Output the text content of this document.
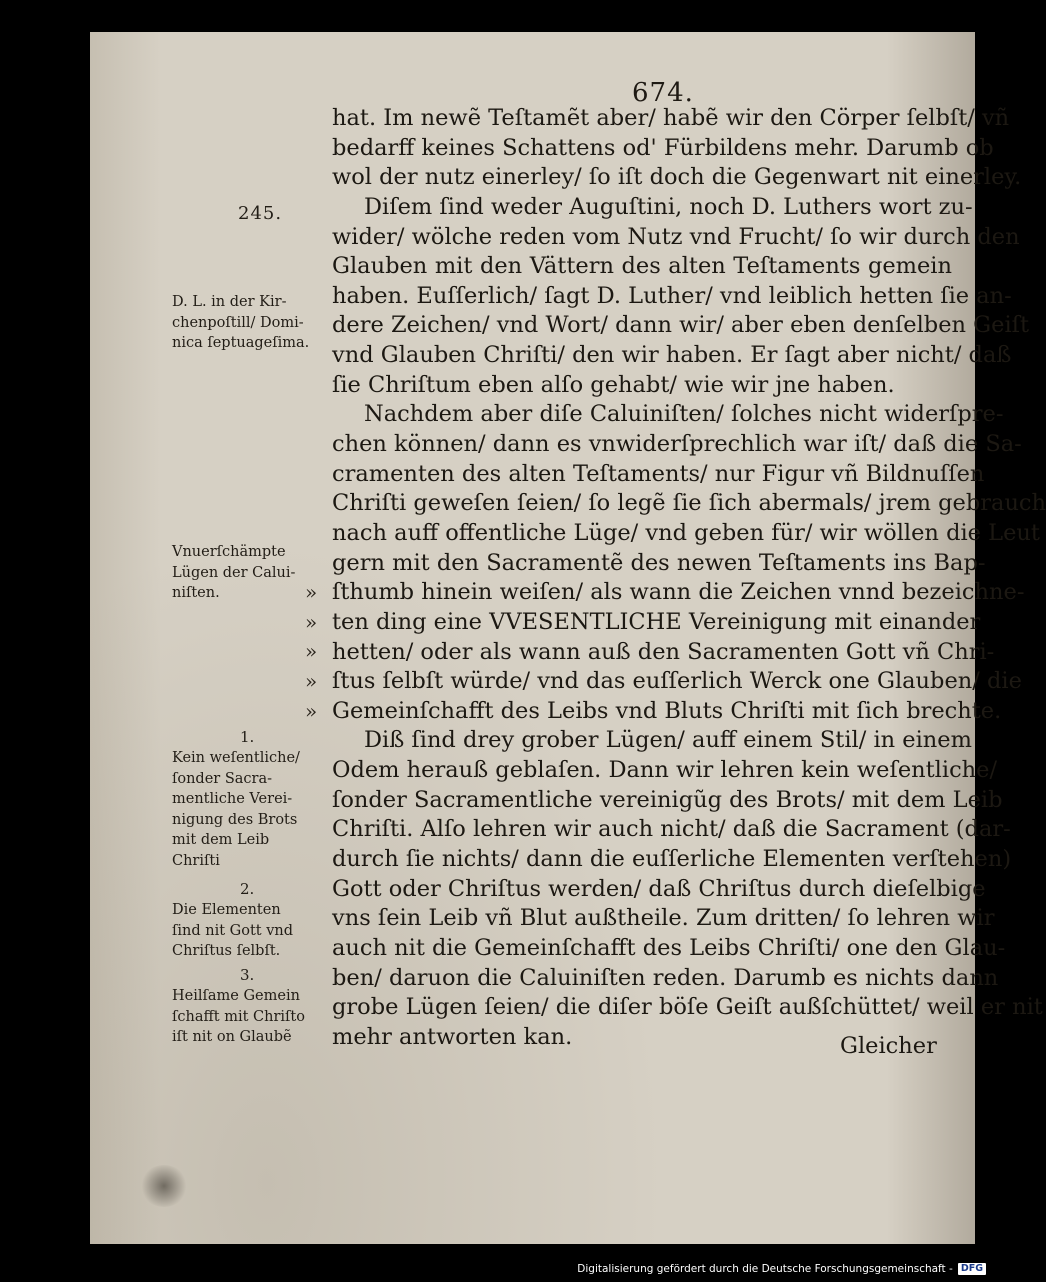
674.
hat. Im newẽ Teſtamẽt aber/ habẽ wir den Cörper ſelbſt/ vñ
bedarff keines Schattens od' Fürbildens mehr. Darumb ob
wol der nutz einerley/ ſo iſt doch die Gegenwart nit einerley.
Diſem ſind weder Auguſtini, noch D. Luthers wort zu-
wider/ wölche reden vom Nutz vnd Frucht/ ſo wir durch den
Glauben mit den Vättern des alten Teſtaments gemein
haben. Euſſerlich/ ſagt D. Luther/ vnd leiblich hetten ſie an-
dere Zeichen/ vnd Wort/ dann wir/ aber eben denſelben Geiſt
vnd Glauben Chriſti/ den wir haben. Er ſagt aber nicht/ daß
ſie Chriſtum eben alſo gehabt/ wie wir jne haben.
Nachdem aber diſe Caluiniſten/ ſolches nicht widerſpre-
chen können/ dann es vnwiderſprechlich war iſt/ daß die Sa-
cramenten des alten Teſtaments/ nur Figur vñ Bildnuſſen
Chriſti geweſen ſeien/ ſo legẽ ſie ſich abermals/ jrem gebrauch
nach auff offentliche Lüge/ vnd geben für/ wir wöllen die Leut
gern mit den Sacramentẽ des newen Teſtaments ins Bap-
ſthumb hinein weiſen/ als wann die Zeichen vnnd bezeichne-
ten ding eine VVESENTLICHE Vereinigung mit einander
hetten/ oder als wann auß den Sacramenten Gott vñ Chri-
ſtus ſelbſt würde/ vnd das euſſerlich Werck one Glauben/ die
Gemeinſchafft des Leibs vnd Bluts Chriſti mit ſich brechte.
Diß ſind drey grober Lügen/ auff einem Stil/ in einem
Odem herauß geblaſen. Dann wir lehren kein weſentliche/
ſonder Sacramentliche vereinigũg des Brots/ mit dem Leib
Chriſti. Alſo lehren wir auch nicht/ daß die Sacrament (dar-
durch ſie nichts/ dann die euſſerliche Elementen verſtehen)
Gott oder Chriſtus werden/ daß Chriſtus durch dieſelbige
vns ſein Leib vñ Blut außtheile. Zum dritten/ ſo lehren wir
auch nit die Gemeinſchafft des Leibs Chriſti/ one den Glau-
ben/ daruon die Caluiniſten reden. Darumb es nichts dann
grobe Lügen ſeien/ die diſer böſe Geiſt außſchüttet/ weil er nit
mehr antworten kan.	Gleicher
245.

D. L. in der Kir-
chenpoſtill/ Domi-
nica ſeptuageſima.

Vnuerſchämpte
Lügen der Calui-
niſten.	»
»
»
»
»
1.

Kein weſentliche/
ſonder Sacra-
mentliche Verei-
nigung des Brots
mit dem Leib
Chriſti

2.

Die Elementen
ſind nit Gott vnd
Chriſtus ſelbſt.

3.

Heilſame Gemein
ſchafft mit Chriſto
iſt nit on Glaubẽ

Digitalisierung gefördert durch die Deutsche Forschungsgemeinschaft - DFG
